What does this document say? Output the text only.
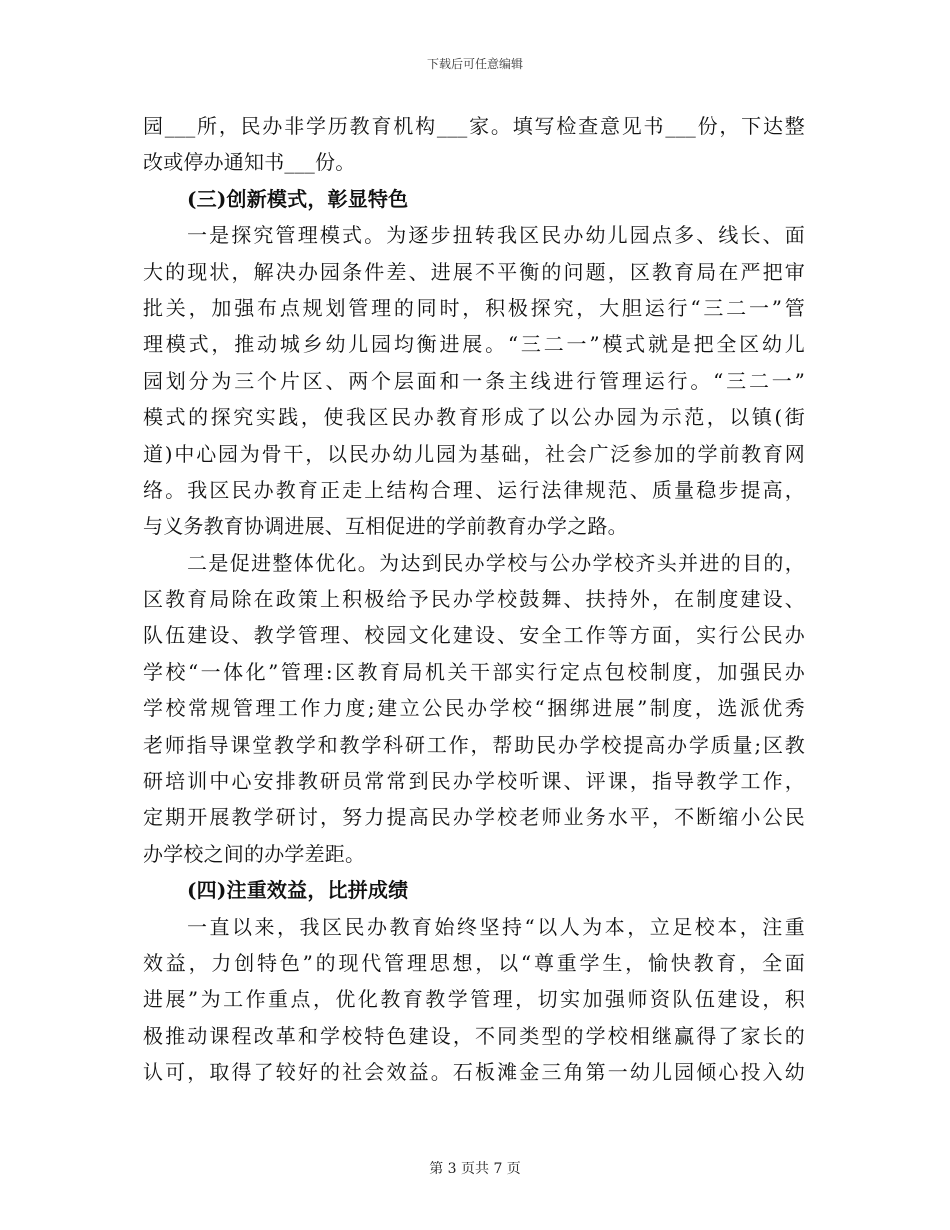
下载后可任意编辑
园___所，民办非学历教育机构___家。填写检查意见书___份，下达整
改或停办通知书___份。
(三)创新模式，彰显特色
一是探究管理模式。为逐步扭转我区民办幼儿园点多、线长、面
大的现状，解决办园条件差、进展不平衡的问题，区教育局在严把审
批关，加强布点规划管理的同时，积极探究，大胆运行“三二一”管
理模式，推动城乡幼儿园均衡进展。“三二一”模式就是把全区幼儿
园划分为三个片区、两个层面和一条主线进行管理运行。“三二一”
模式的探究实践，使我区民办教育形成了以公办园为示范，以镇(街
道)中心园为骨干，以民办幼儿园为基础，社会广泛参加的学前教育网
络。我区民办教育正走上结构合理、运行法律规范、质量稳步提高，
与义务教育协调进展、互相促进的学前教育办学之路。
二是促进整体优化。为达到民办学校与公办学校齐头并进的目的，
区教育局除在政策上积极给予民办学校鼓舞、扶持外，在制度建设、
队伍建设、教学管理、校园文化建设、安全工作等方面，实行公民办
学校“一体化”管理:区教育局机关干部实行定点包校制度，加强民办
学校常规管理工作力度;建立公民办学校“捆绑进展”制度，选派优秀
老师指导课堂教学和教学科研工作，帮助民办学校提高办学质量;区教
研培训中心安排教研员常常到民办学校听课、评课，指导教学工作，
定期开展教学研讨，努力提高民办学校老师业务水平，不断缩小公民
办学校之间的办学差距。
(四)注重效益，比拼成绩
一直以来，我区民办教育始终坚持“以人为本，立足校本，注重
效益，力创特色”的现代管理思想，以“尊重学生，愉快教育，全面
进展”为工作重点，优化教育教学管理，切实加强师资队伍建设，积
极推动课程改革和学校特色建设，不同类型的学校相继赢得了家长的
认可，取得了较好的社会效益。石板滩金三角第一幼儿园倾心投入幼
第 3 页共 7 页
